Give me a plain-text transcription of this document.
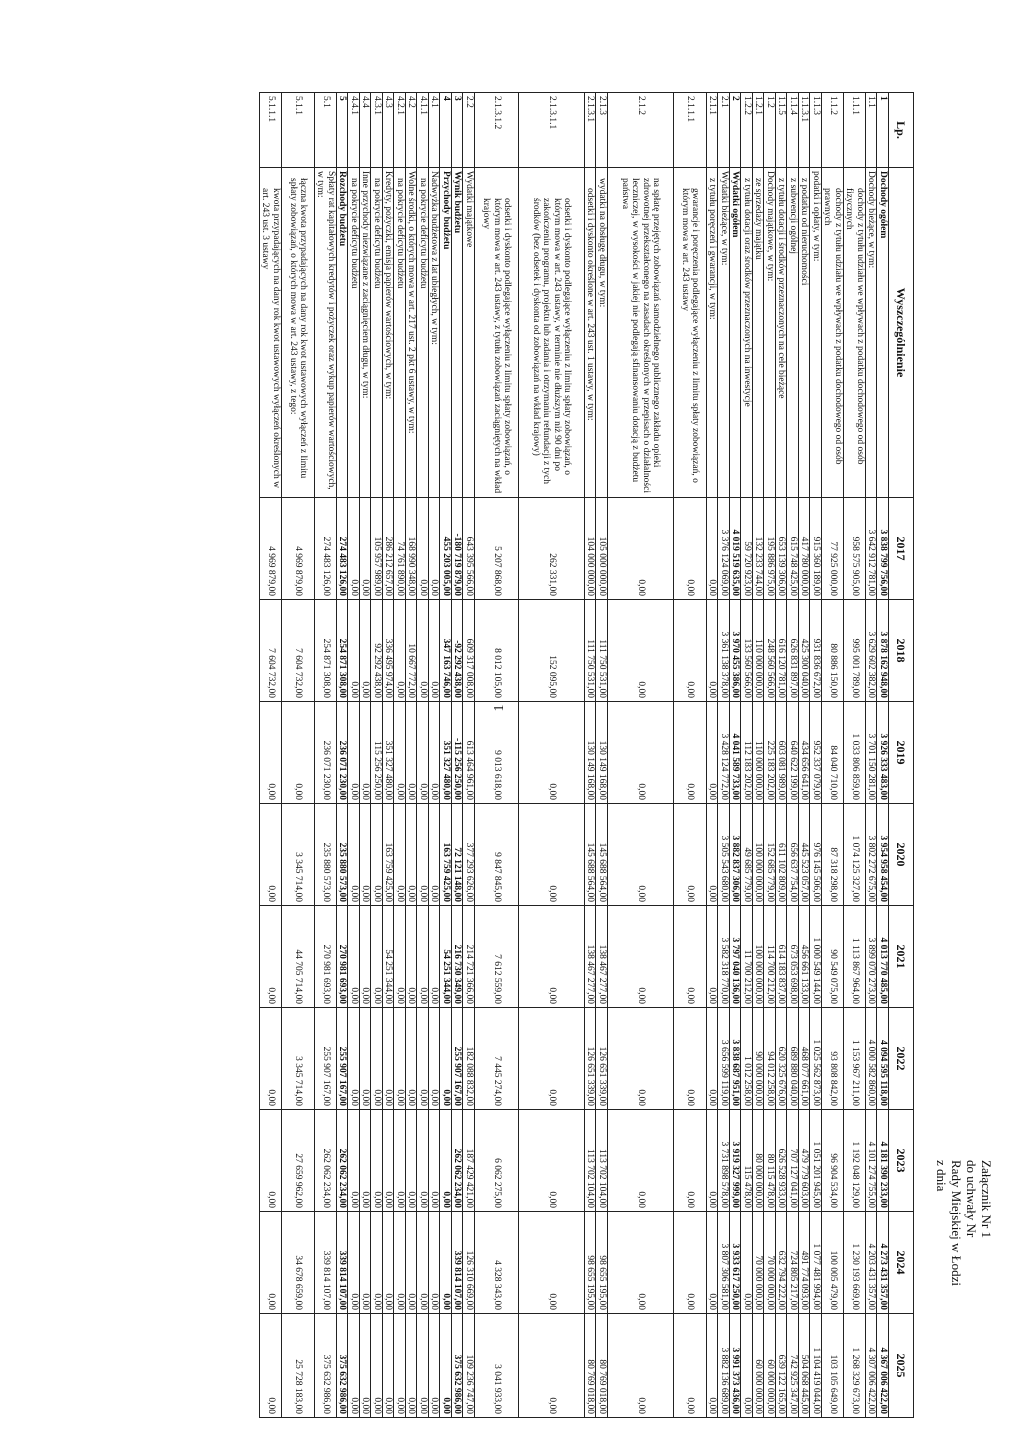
1
Załącznik Nr 1
do uchwały Nr
Rady Miejskiej w Łodzi
z dnia
Lp.	Wyszczególnienie	2017	2018	2019	2020	2021	2022	2023	2024	2025
1	Dochody ogółem	3 838 799 756,00	3 878 162 948,00	3 926 333 483,00	3 954 958 454,00	4 013 770 485,00	4 094 595 118,00	4 181 390 233,00	4 273 431 357,00	4 367 006 422,00
1.1	Dochody bieżące, w tym:	3 642 912 781,00	3 629 602 382,00	3 701 150 281,00	3 802 272 675,00	3 899 070 273,00	4 000 582 860,00	4 101 274 755,00	4 203 431 357,00	4 307 006 422,00
1.1.1	dochody z tytułu udziału we wpływach z podatku dochodowego od osób fizycznych	958 575 905,00	995 001 789,00	1 033 806 859,00	1 074 125 327,00	1 113 867 964,00	1 153 967 211,00	1 192 048 129,00	1 230 193 669,00	1 268 329 673,00
1.1.2	dochody z tytułu udziału we wpływach z podatku dochodowego od osób prawnych	77 925 000,00	80 886 150,00	84 040 710,00	87 318 298,00	90 549 075,00	93 808 842,00	96 904 534,00	100 005 479,00	103 105 649,00
1.1.3	podatki i opłaty, w tym:	915 360 189,00	931 836 672,00	952 337 079,00	976 145 506,00	1 000 549 144,00	1 025 562 873,00	1 051 201 945,00	1 077 481 994,00	1 104 419 044,00
1.1.3.1	z podatku od nieruchomości	417 780 000,00	425 300 040,00	434 656 641,00	445 523 057,00	456 661 133,00	468 077 661,00	479 779 603,00	491 774 093,00	504 068 445,00
1.1.4	z subwencji ogólnej	615 748 425,00	626 831 897,00	640 622 199,00	656 637 754,00	673 053 698,00	689 880 040,00	707 127 041,00	724 805 217,00	742 925 347,00
1.1.5	z tytułu dotacji i środków przeznaczonych na cele bieżące	653 139 306,00	616 120 781,00	603 081 989,00	611 102 809,00	614 183 837,00	620 325 676,00	626 528 933,00	632 794 222,00	639 122 165,00
1.2	Dochody majątkowe, w tym:	195 886 975,00	248 560 566,00	225 183 202,00	152 685 779,00	114 700 212,00	94 012 258,00	80 115 478,00	70 000 000,00	60 000 000,00
1.2.1	ze sprzedaży majątku	132 233 744,00	110 000 000,00	110 000 000,00	100 000 000,00	100 000 000,00	90 000 000,00	80 000 000,00	70 000 000,00	60 000 000,00
1.2.2	z tytułu dotacji oraz środków przeznaczonych na inwestycje	59 720 923,00	133 560 566,00	112 183 202,00	49 685 779,00	11 700 212,00	1 012 258,00	115 478,00	0,00	0,00
2	Wydatki ogółem	4 019 519 635,00	3 970 455 386,00	4 041 589 733,00	3 882 837 306,00	3 797 040 136,00	3 838 687 951,00	3 919 327 999,00	3 933 617 250,00	3 991 373 436,00
2.1	Wydatki bieżące, w tym:	3 376 124 069,00	3 361 138 378,00	3 428 124 772,00	3 505 543 680,00	3 582 318 770,00	3 656 599 119,00	3 731 898 578,00	3 807 306 581,00	3 882 136 689,00
2.1.1	z tytułu poręczeń i gwarancji, w tym:	0,00	0,00	0,00	0,00	0,00	0,00	0,00	0,00	0,00
2.1.1.1	gwarancje i poręczenia podlegające wyłączeniu z limitu spłaty zobowiązań, o którym mowa w art. 243 ustawy	0,00	0,00	0,00	0,00	0,00	0,00	0,00	0,00	0,00
2.1.2	na spłatę przejętych zobowiązań samodzielnego publicznego zakładu opieki zdrowotnej przekształconego na zasadach określonych w przepisach o działalności leczniczej, w wysokości w jakiej nie podlegają sfinansowaniu dotacją z budżetu państwa	0,00	0,00	0,00	0,00	0,00	0,00	0,00	0,00	0,00
2.1.3	wydatki na obsługę długu, w tym:	105 000 000,00	111 750 531,00	130 149 168,00	145 688 564,00	138 467 277,00	126 651 339,00	113 702 104,00	98 655 195,00	80 769 018,00
2.1.3.1	odsetki i dyskonto określone w art. 243 ust. 1 ustawy, w tym:	104 000 000,00	111 750 531,00	130 149 168,00	145 688 564,00	138 467 277,00	126 651 339,00	113 702 104,00	98 655 195,00	80 769 018,00
2.1.3.1.1	odsetki i dyskonto podlegające wyłączeniu z limitu spłaty zobowiązań, o którym mowa w art. 243 ustawy, w terminie nie dłuższym niż 90 dni po zakończeniu programu, projektu lub zadania i otrzymaniu refundacji z tych środków (bez odsetek i dyskonta od zobowiązań na wkład krajowy)	262 331,00	152 095,00	0,00	0,00	0,00	0,00	0,00	0,00	0,00
2.1.3.1.2	odsetki i dyskonto podlegające wyłączeniu z limitu spłaty zobowiązań, o którym mowa w art. 243 ustawy, z tytułu zobowiązań zaciągniętych na wkład krajowy	5 207 868,00	8 012 105,00	9 013 618,00	9 847 845,00	7 612 559,00	7 445 274,00	6 062 275,00	4 328 343,00	3 041 933,00
2.2	Wydatki majątkowe	643 395 566,00	609 317 008,00	613 464 961,00	377 293 626,00	214 721 366,00	182 088 832,00	187 429 421,00	126 310 669,00	109 236 747,00
3	Wynik budżetu	-180 719 879,00	-92 292 438,00	-115 256 250,00	72 121 148,00	216 730 349,00	255 907 167,00	262 062 234,00	339 814 107,00	375 632 986,00
4	Przychody budżetu	455 203 005,00	347 163 746,00	351 327 480,00	163 759 425,00	54 251 344,00	0,00	0,00	0,00	0,00
4.1	Nadwyżka budżetowa z lat ubiegłych, w tym:	0,00	0,00	0,00	0,00	0,00	0,00	0,00	0,00	0,00
4.1.1	na pokrycie deficytu budżetu	0,00	0,00	0,00	0,00	0,00	0,00	0,00	0,00	0,00
4.2	Wolne środki, o których mowa w art. 217 ust. 2 pkt 6 ustawy, w tym:	168 990 348,00	10 667 772,00	0,00	0,00	0,00	0,00	0,00	0,00	0,00
4.2.1	na pokrycie deficytu budżetu	74 761 890,00	0,00	0,00	0,00	0,00	0,00	0,00	0,00	0,00
4.3	Kredyty, pożyczki, emisja papierów wartościowych, w tym:	286 212 657,00	336 495 974,00	351 327 480,00	163 759 425,00	54 251 344,00	0,00	0,00	0,00	0,00
4.3.1	na pokrycie deficytu budżetu	105 957 989,00	92 292 438,00	115 256 250,00	0,00	0,00	0,00	0,00	0,00	0,00
4.4	Inne przychody niezwiązane z zaciągnięciem długu, w tym:	0,00	0,00	0,00	0,00	0,00	0,00	0,00	0,00	0,00
4.4.1	na pokrycie deficytu budżetu	0,00	0,00	0,00	0,00	0,00	0,00	0,00	0,00	0,00
5	Rozchody budżetu	274 483 126,00	254 871 308,00	236 071 230,00	235 880 573,00	270 981 693,00	255 907 167,00	262 062 234,00	339 814 107,00	375 632 986,00
5.1	Spłaty rat kapitałowych kredytów i pożyczek oraz wykup papierów wartościowych, w tym:	274 483 126,00	254 871 308,00	236 071 230,00	235 880 573,00	270 981 693,00	255 907 167,00	262 062 234,00	339 814 107,00	375 632 986,00
5.1.1	łączna kwota przypadających na dany rok kwot ustawowych wyłączeń z limitu spłaty zobowiązań, o których mowa w art. 243 ustawy, z tego:	4 969 879,00	7 604 732,00	0,00	3 345 714,00	44 705 714,00	3 345 714,00	27 659 962,00	34 678 659,00	25 728 183,00
5.1.1.1	kwota przypadających na dany rok kwot ustawowych wyłączeń określonych w art. 243 ust. 3 ustawy	4 969 879,00	7 604 732,00	0,00	0,00	0,00	0,00	0,00	0,00	0,00
